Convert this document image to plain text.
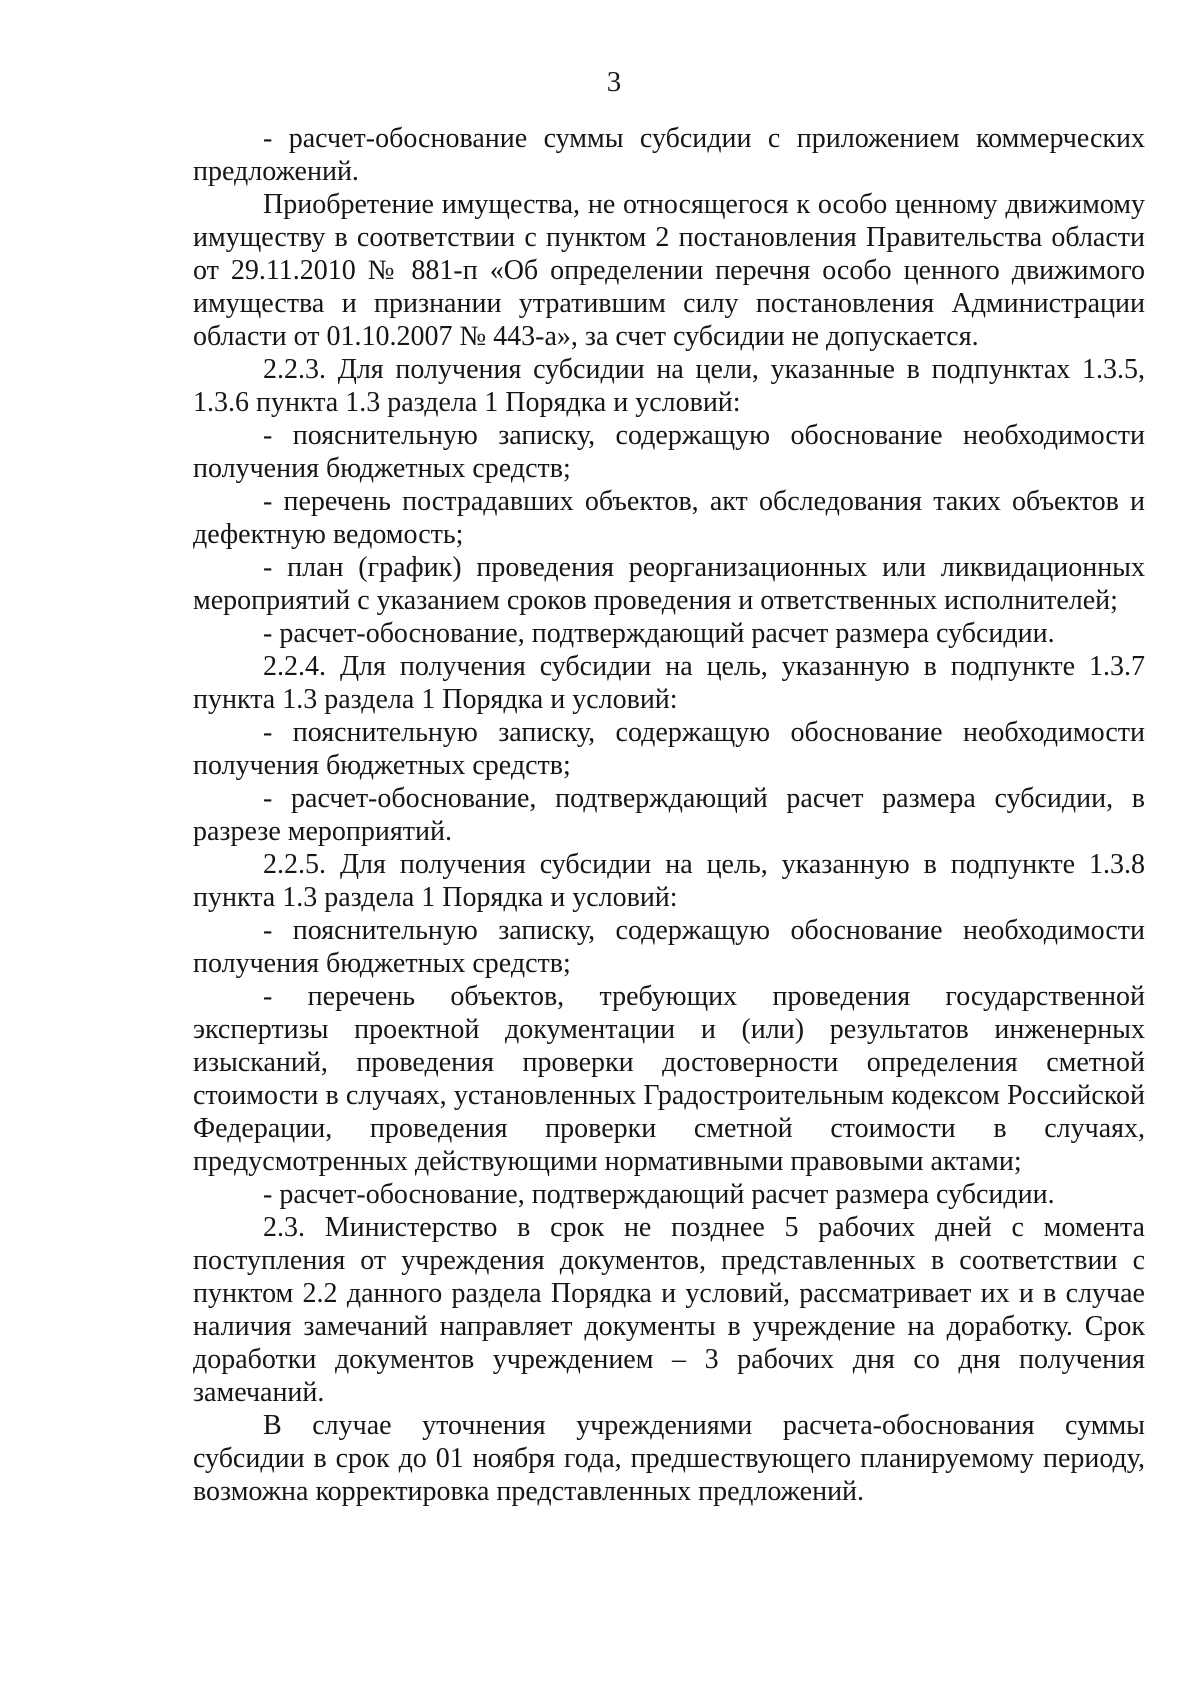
3

- расчет-обоснование суммы субсидии с приложением коммерческих предложений.

Приобретение имущества, не относящегося к особо ценному движимому имуществу в соответствии с пунктом 2 постановления Правительства области от 29.11.2010 № 881-п «Об определении перечня особо ценного движимого имущества и признании утратившим силу постановления Администрации области от 01.10.2007 № 443-а», за счет субсидии не допускается.

2.2.3. Для получения субсидии на цели, указанные в подпунктах 1.3.5, 1.3.6 пункта 1.3 раздела 1 Порядка и условий:

- пояснительную записку, содержащую обоснование необходимости получения бюджетных средств;

- перечень пострадавших объектов, акт обследования таких объектов и дефектную ведомость;

- план (график) проведения реорганизационных или ликвидационных мероприятий с указанием сроков проведения и ответственных исполнителей;

- расчет-обоснование, подтверждающий расчет размера субсидии.

2.2.4. Для получения субсидии на цель, указанную в подпункте 1.3.7 пункта 1.3 раздела 1 Порядка и условий:

- пояснительную записку, содержащую обоснование необходимости получения бюджетных средств;

- расчет-обоснование, подтверждающий расчет размера субсидии, в разрезе мероприятий.

2.2.5. Для получения субсидии на цель, указанную в подпункте 1.3.8 пункта 1.3 раздела 1 Порядка и условий:

- пояснительную записку, содержащую обоснование необходимости получения бюджетных средств;

- перечень объектов, требующих проведения государственной экспертизы проектной документации и (или) результатов инженерных изысканий, проведения проверки достоверности определения сметной стоимости в случаях, установленных Градостроительным кодексом Российской Федерации, проведения проверки сметной стоимости в случаях, предусмотренных действующими нормативными правовыми актами;

- расчет-обоснование, подтверждающий расчет размера субсидии.

2.3. Министерство в срок не позднее 5 рабочих дней с момента поступления от учреждения документов, представленных в соответствии с пунктом 2.2 данного раздела Порядка и условий, рассматривает их и в случае наличия замечаний направляет документы в учреждение на доработку. Срок доработки документов учреждением – 3 рабочих дня со дня получения замечаний.

В случае уточнения учреждениями расчета-обоснования суммы субсидии в срок до 01 ноября года, предшествующего планируемому периоду, возможна корректировка представленных предложений.
